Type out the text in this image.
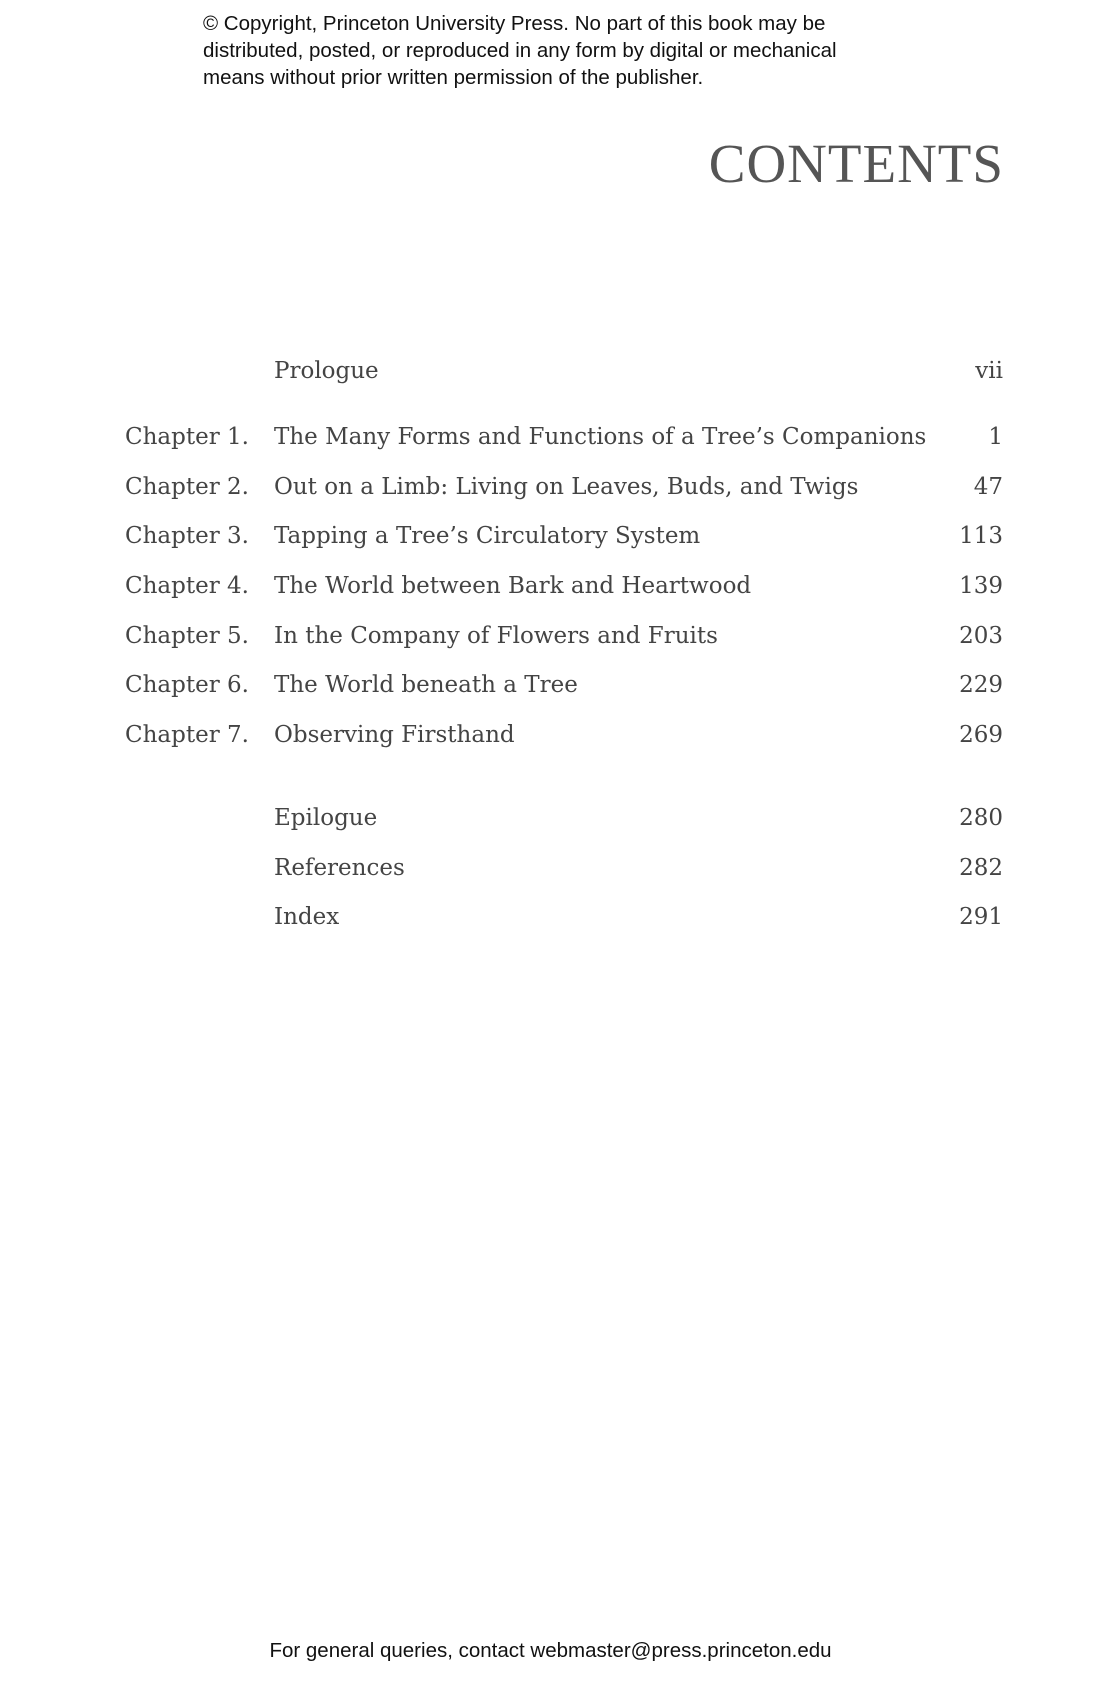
© Copyright, Princeton University Press. No part of this book may be
distributed, posted, or reproduced in any form by digital or mechanical
means without prior written permission of the publisher.
CONTENTS
Prologue	vii
Chapter 1. The Many Forms and Functions of a Tree’s Companions	1
Chapter 2. Out on a Limb: Living on Leaves, Buds, and Twigs	47
Chapter 3. Tapping a Tree’s Circulatory System	113
Chapter 4. The World between Bark and Heartwood	139
Chapter 5. In the Company of Flowers and Fruits	203
Chapter 6. The World beneath a Tree	229
Chapter 7. Observing Firsthand	269
Epilogue	280
References	282
Index	291
For general queries, contact webmaster@press.princeton.edu
